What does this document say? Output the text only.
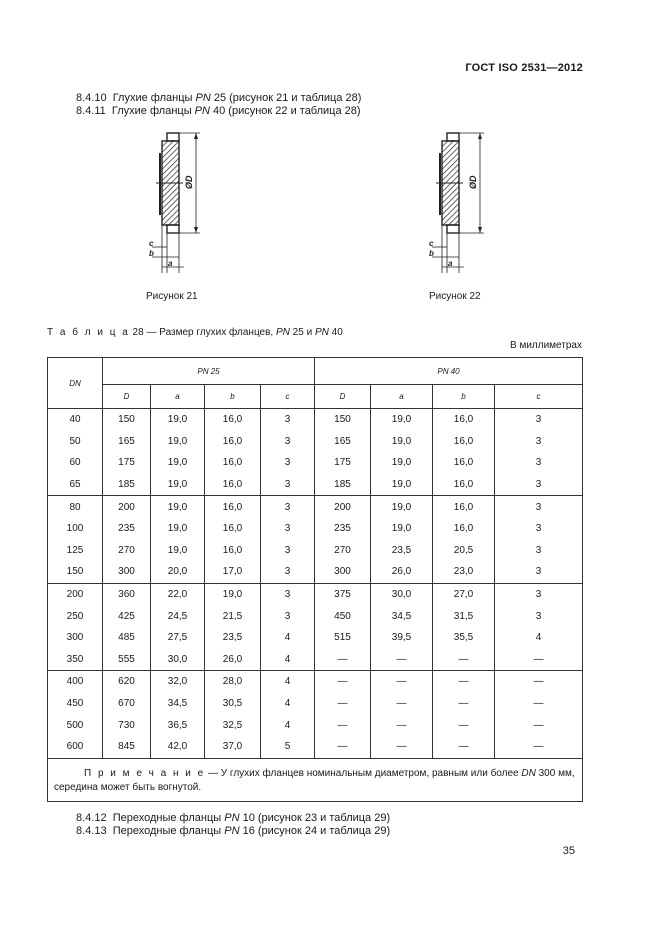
ГОСТ ISO 2531—2012
8.4.10 Глухие фланцы PN 25 (рисунок 21 и таблица 28)
8.4.11 Глухие фланцы PN 40 (рисунок 22 и таблица 28)
ØD
c
b
a
Рисунок 21
ØD
c
b
a
Рисунок 22
Т а б л и ц а 28 — Размер глухих фланцев, PN 25 и PN 40
В миллиметрах
DN	PN 25				PN 40			
	D	a	b	c	D	a	b	c
40	150	19,0	16,0	3	150	19,0	16,0	3
50	165	19,0	16,0	3	165	19,0	16,0	3
60	175	19,0	16,0	3	175	19,0	16,0	3
65	185	19,0	16,0	3	185	19,0	16,0	3
80	200	19,0	16,0	3	200	19,0	16,0	3
100	235	19,0	16,0	3	235	19,0	16,0	3
125	270	19,0	16,0	3	270	23,5	20,5	3
150	300	20,0	17,0	3	300	26,0	23,0	3
200	360	22,0	19,0	3	375	30,0	27,0	3
250	425	24,5	21,5	3	450	34,5	31,5	3
300	485	27,5	23,5	4	515	39,5	35,5	4
350	555	30,0	26,0	4	—	—	—	—
400	620	32,0	28,0	4	—	—	—	—
450	670	34,5	30,5	4	—	—	—	—
500	730	36,5	32,5	4	—	—	—	—
600	845	42,0	37,0	5	—	—	—	—
П р и м е ч а н и е — У глухих фланцев номинальным диаметром, равным или более DN 300 мм, середина может быть вогнутой.								
8.4.12 Переходные фланцы PN 10 (рисунок 23 и таблица 29)
8.4.13 Переходные фланцы PN 16 (рисунок 24 и таблица 29)
35
